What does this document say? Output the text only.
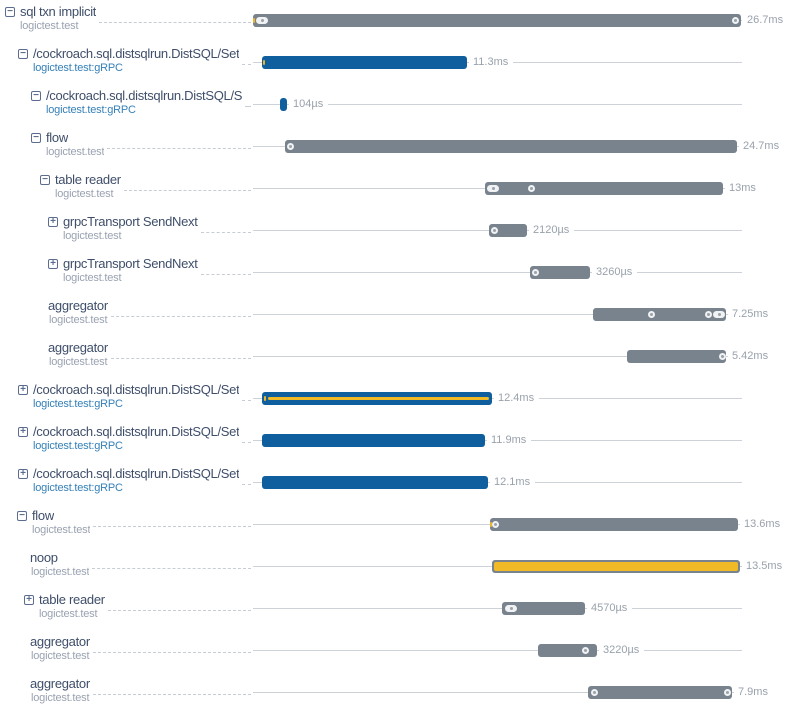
− sql txn implicit
logictest.test	26.7ms
− /cockroach.sql.distsqlrun.DistSQL/Set
logictest.test:gRPC	11.3ms
− /cockroach.sql.distsqlrun.DistSQL/S
logictest.test:gRPC	104µs
− flow
logictest.test	24.7ms
− table reader
logictest.test	13ms
+ grpcTransport SendNext
logictest.test	2120µs
+ grpcTransport SendNext
logictest.test	3260µs
aggregator
logictest.test	7.25ms
aggregator
logictest.test	5.42ms
+ /cockroach.sql.distsqlrun.DistSQL/Set
logictest.test:gRPC	12.4ms
+ /cockroach.sql.distsqlrun.DistSQL/Set
logictest.test:gRPC	11.9ms
+ /cockroach.sql.distsqlrun.DistSQL/Set
logictest.test:gRPC	12.1ms
− flow
logictest.test	13.6ms
noop
logictest.test	13.5ms
+ table reader
logictest.test	4570µs
aggregator
logictest.test	3220µs
aggregator
logictest.test	7.9ms
